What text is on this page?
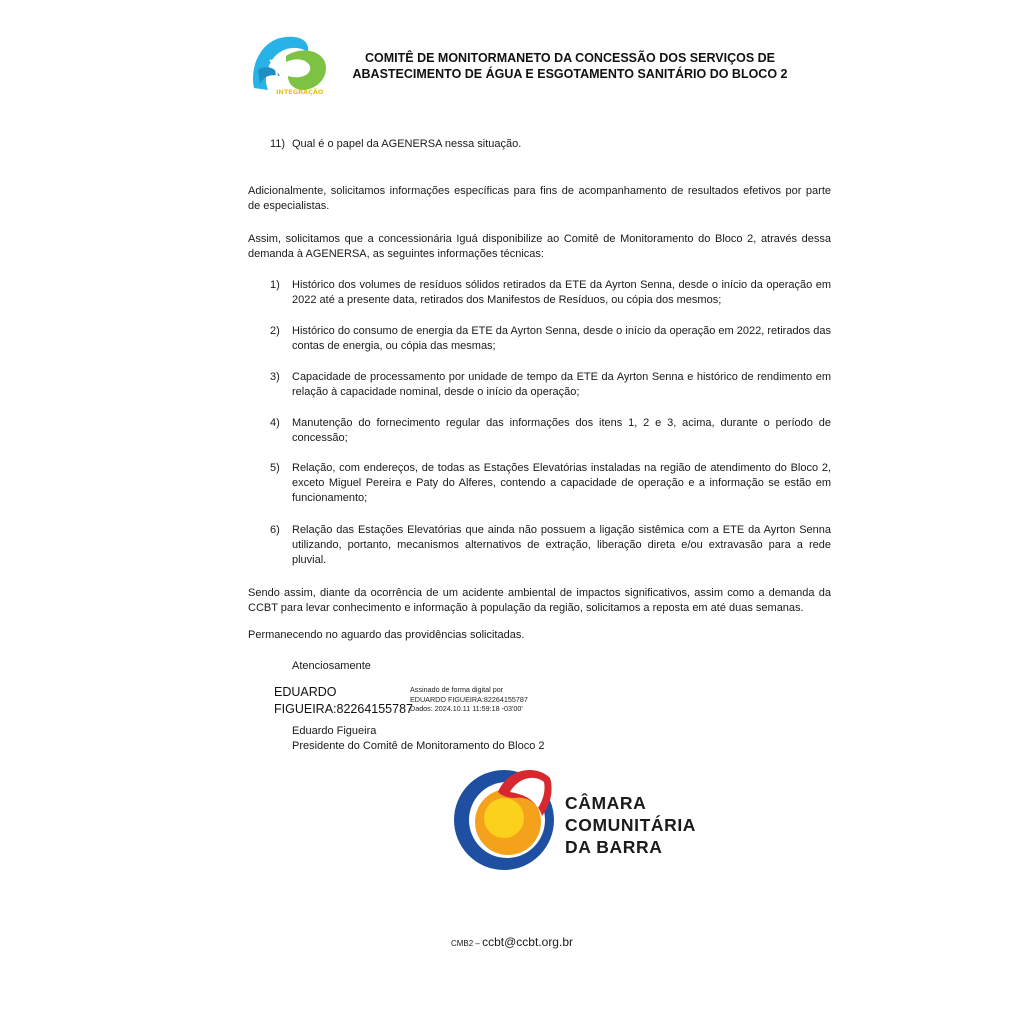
INTEGRAÇÃO
COMITÊ DE MONITORMANETO DA CONCESSÃO DOS SERVIÇOS DE
ABASTECIMENTO DE ÁGUA E ESGOTAMENTO SANITÁRIO DO BLOCO 2
11) Qual é o papel da AGENERSA nessa situação.
Adicionalmente, solicitamos informações específicas para fins de acompanhamento de resultados efetivos por parte
de especialistas.
Assim, solicitamos que a concessionária Iguá disponibilize ao Comitê de Monitoramento do Bloco 2, através dessa
demanda à AGENERSA, as seguintes informações técnicas:
1) Histórico dos volumes de resíduos sólidos retirados da ETE da Ayrton Senna, desde o início da operação em
2022 até a presente data, retirados dos Manifestos de Resíduos, ou cópia dos mesmos;
2) Histórico do consumo de energia da ETE da Ayrton Senna, desde o início da operação em 2022, retirados das
contas de energia, ou cópia das mesmas;
3) Capacidade de processamento por unidade de tempo da ETE da Ayrton Senna e histórico de rendimento em
relação à capacidade nominal, desde o início da operação;
4) Manutenção do fornecimento regular das informações dos itens 1, 2 e 3, acima, durante o período de
concessão;
5) Relação, com endereços, de todas as Estações Elevatórias instaladas na região de atendimento do Bloco 2,
exceto Miguel Pereira e Paty do Alferes, contendo a capacidade de operação e a informação se estão em
funcionamento;
6) Relação das Estações Elevatórias que ainda não possuem a ligação sistêmica com a ETE da Ayrton Senna
utilizando, portanto, mecanismos alternativos de extração, liberação direta e/ou extravasão para a rede
pluvial.
Sendo assim, diante da ocorrência de um acidente ambiental de impactos significativos, assim como a demanda da
CCBT para levar conhecimento e informação à população da região, solicitamos a reposta em até duas semanas.
Permanecendo no aguardo das providências solicitadas.
Atenciosamente
EDUARDO
FIGUEIRA:82264155787
Assinado de forma digital por
EDUARDO FIGUEIRA:82264155787
Dados: 2024.10.11 11:59:18 -03'00'
Eduardo Figueira
Presidente do Comitê de Monitoramento do Bloco 2
CÂMARA
COMUNITÁRIA
DA BARRA
CMB2 – ccbt@ccbt.org.br
